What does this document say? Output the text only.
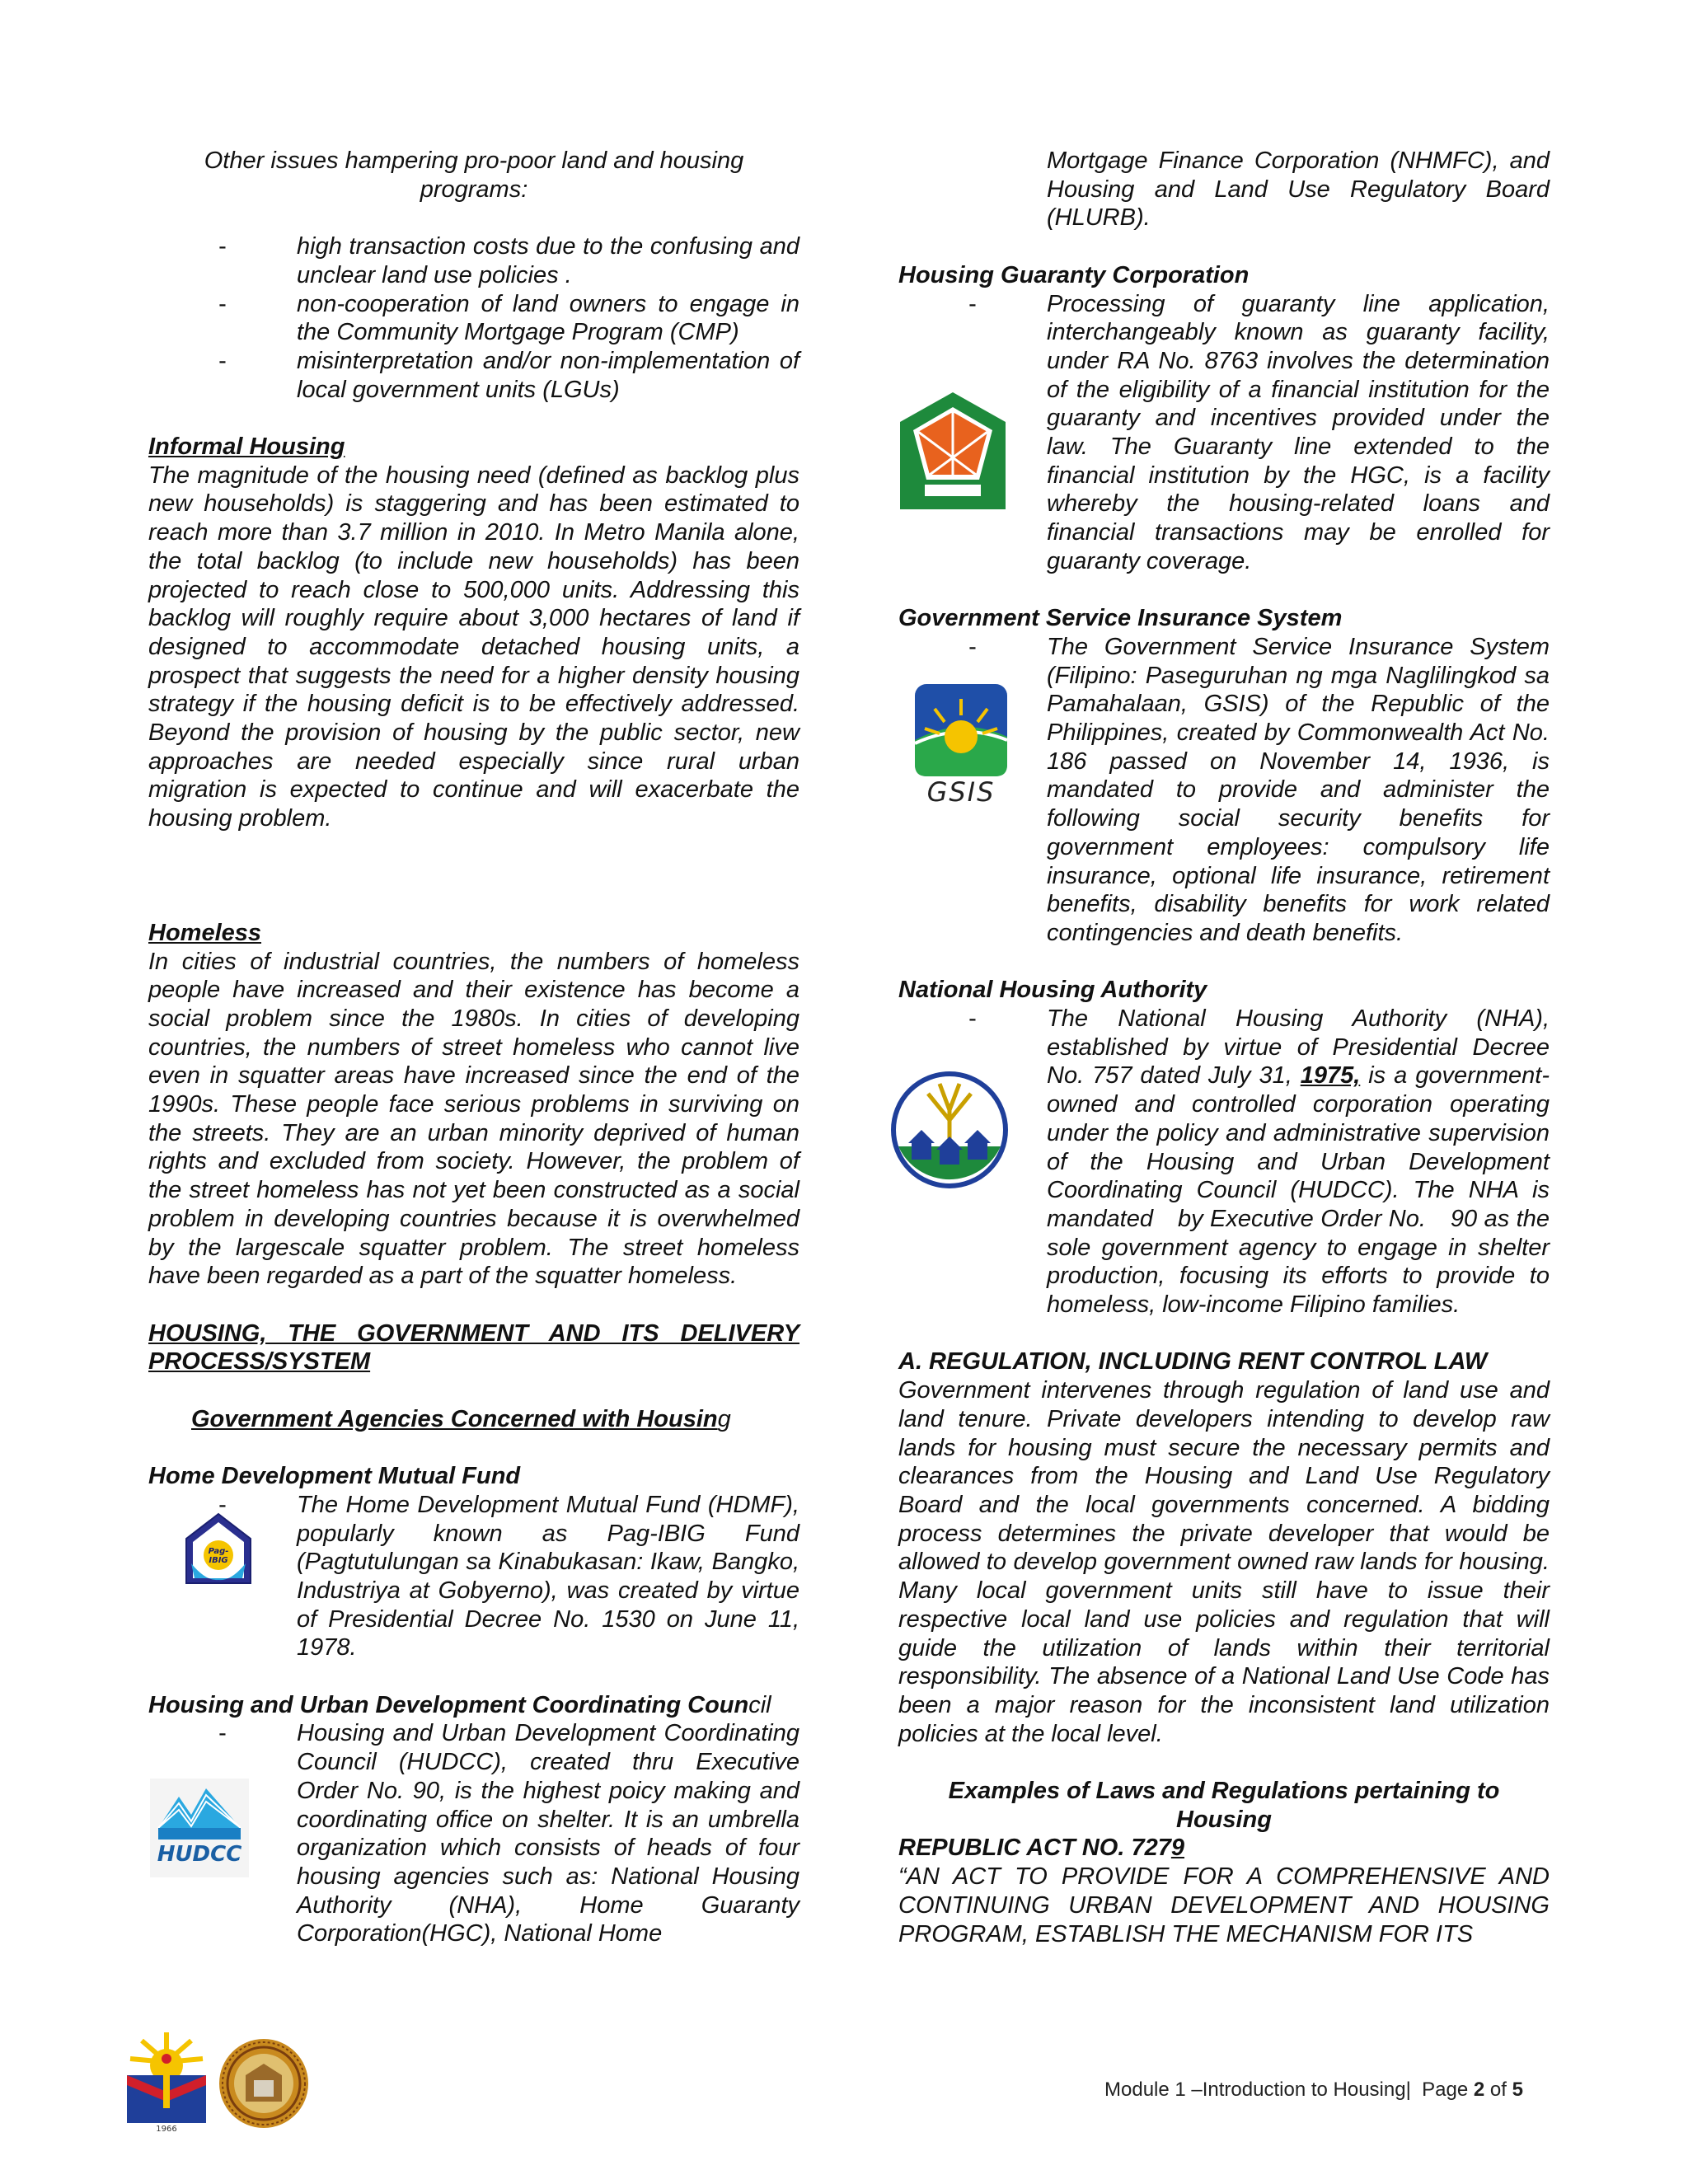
Other issues hampering pro-poor land and housing
programs:

-	high transaction costs due to the confusing and unclear land use policies .
-	non-cooperation of land owners to engage in the Community Mortgage Program (CMP)
-	misinterpretation and/or non-implementation of local government units (LGUs)
Informal Housing

The magnitude of the housing need (defined as backlog plus new households) is staggering and has been estimated to reach more than 3.7 million in 2010. In Metro Manila alone, the total backlog (to include new households) has been projected to reach close to 500,000 units. Addressing this backlog will roughly require about 3,000 hectares of land if designed to accommodate detached housing units, a prospect that suggests the need for a higher density housing strategy if the housing deficit is to be effectively addressed. Beyond the provision of housing by the public sector, new approaches are needed especially since rural urban migration is expected to continue and will exacerbate the housing problem.

Homeless

In cities of industrial countries, the numbers of homeless people have increased and their existence has become a social problem since the 1980s. In cities of developing countries, the numbers of street homeless who cannot live even in squatter areas have increased since the end of the 1990s. These people face serious problems in surviving on the streets. They are an urban minority deprived of human rights and excluded from society. However, the problem of the street homeless has not yet been constructed as a social problem in developing countries because it is overwhelmed by the largescale squatter problem. The street homeless have been regarded as a part of the squatter homeless.

HOUSING, THE GOVERNMENT AND ITS DELIVERY PROCESS/SYSTEM

Government Agencies Concerned with Housing
Home Development Mutual Fund
-	The Home Development Mutual Fund (HDMF), popularly known as Pag-IBIG Fund (Pagtutulungan sa Kinabukasan: Ikaw, Bangko, Industriya at Gobyerno), was created by virtue of Presidential Decree No. 1530 on June 11, 1978.
Pag-
IBIG
Housing and Urban Development Coordinating Council
-	Housing and Urban Development Coordinating Council (HUDCC), created thru Executive Order No. 90, is the highest poicy making and coordinating office on shelter. It is an umbrella organization which consists of heads of four housing agencies such as: National Housing Authority (NHA), Home Guaranty Corporation(HGC), National Home
HUDCC

Mortgage Finance Corporation (NHMFC), and Housing and Land Use Regulatory Board (HLURB).

Housing Guaranty Corporation
-	Processing of guaranty line application, interchangeably known as guaranty facility, under RA No. 8763 involves the determination of the eligibility of a financial institution for the guaranty and incentives provided under the law. The Guaranty line extended to the financial institution by the HGC, is a facility whereby the housing-related loans and financial transactions may be enrolled for guaranty coverage.
Government Service Insurance System
-	The Government Service Insurance System (Filipino: Paseguruhan ng mga Naglilingkod sa Pamahalaan, GSIS) of the Republic of the Philippines, created by Commonwealth Act No. 186 passed on November 14, 1936, is mandated to provide and administer the following social security benefits for government employees: compulsory life insurance, optional life insurance, retirement benefits, disability benefits for work related contingencies and death benefits.
GSIS
National Housing Authority
-	The National Housing Authority (NHA), established by virtue of Presidential Decree No. 757 dated July 31, 1975, is a government-owned and controlled corporation operating under the policy and administrative supervision of the Housing and Urban Development Coordinating Council (HUDCC). The NHA is mandated by Executive Order No. 90 as the sole government agency to engage in shelter production, focusing its efforts to provide to homeless, low-income Filipino families.
A. REGULATION, INCLUDING RENT CONTROL LAW

Government intervenes through regulation of land use and land tenure. Private developers intending to develop raw lands for housing must secure the necessary permits and clearances from the Housing and Land Use Regulatory Board and the local governments concerned. A bidding process determines the private developer that would be allowed to develop government owned raw lands for housing. Many local government units still have to issue their respective local land use policies and regulation that will guide the utilization of lands within their territorial responsibility. The absence of a National Land Use Code has been a major reason for the inconsistent land utilization policies at the local level.

Examples of Laws and Regulations pertaining to
Housing

REPUBLIC ACT NO. 7279

“AN ACT TO PROVIDE FOR A COMPREHENSIVE AND CONTINUING URBAN DEVELOPMENT AND HOUSING PROGRAM, ESTABLISH THE MECHANISM FOR ITS

1966
Module 1 –Introduction to Housing| Page 2 of 5
